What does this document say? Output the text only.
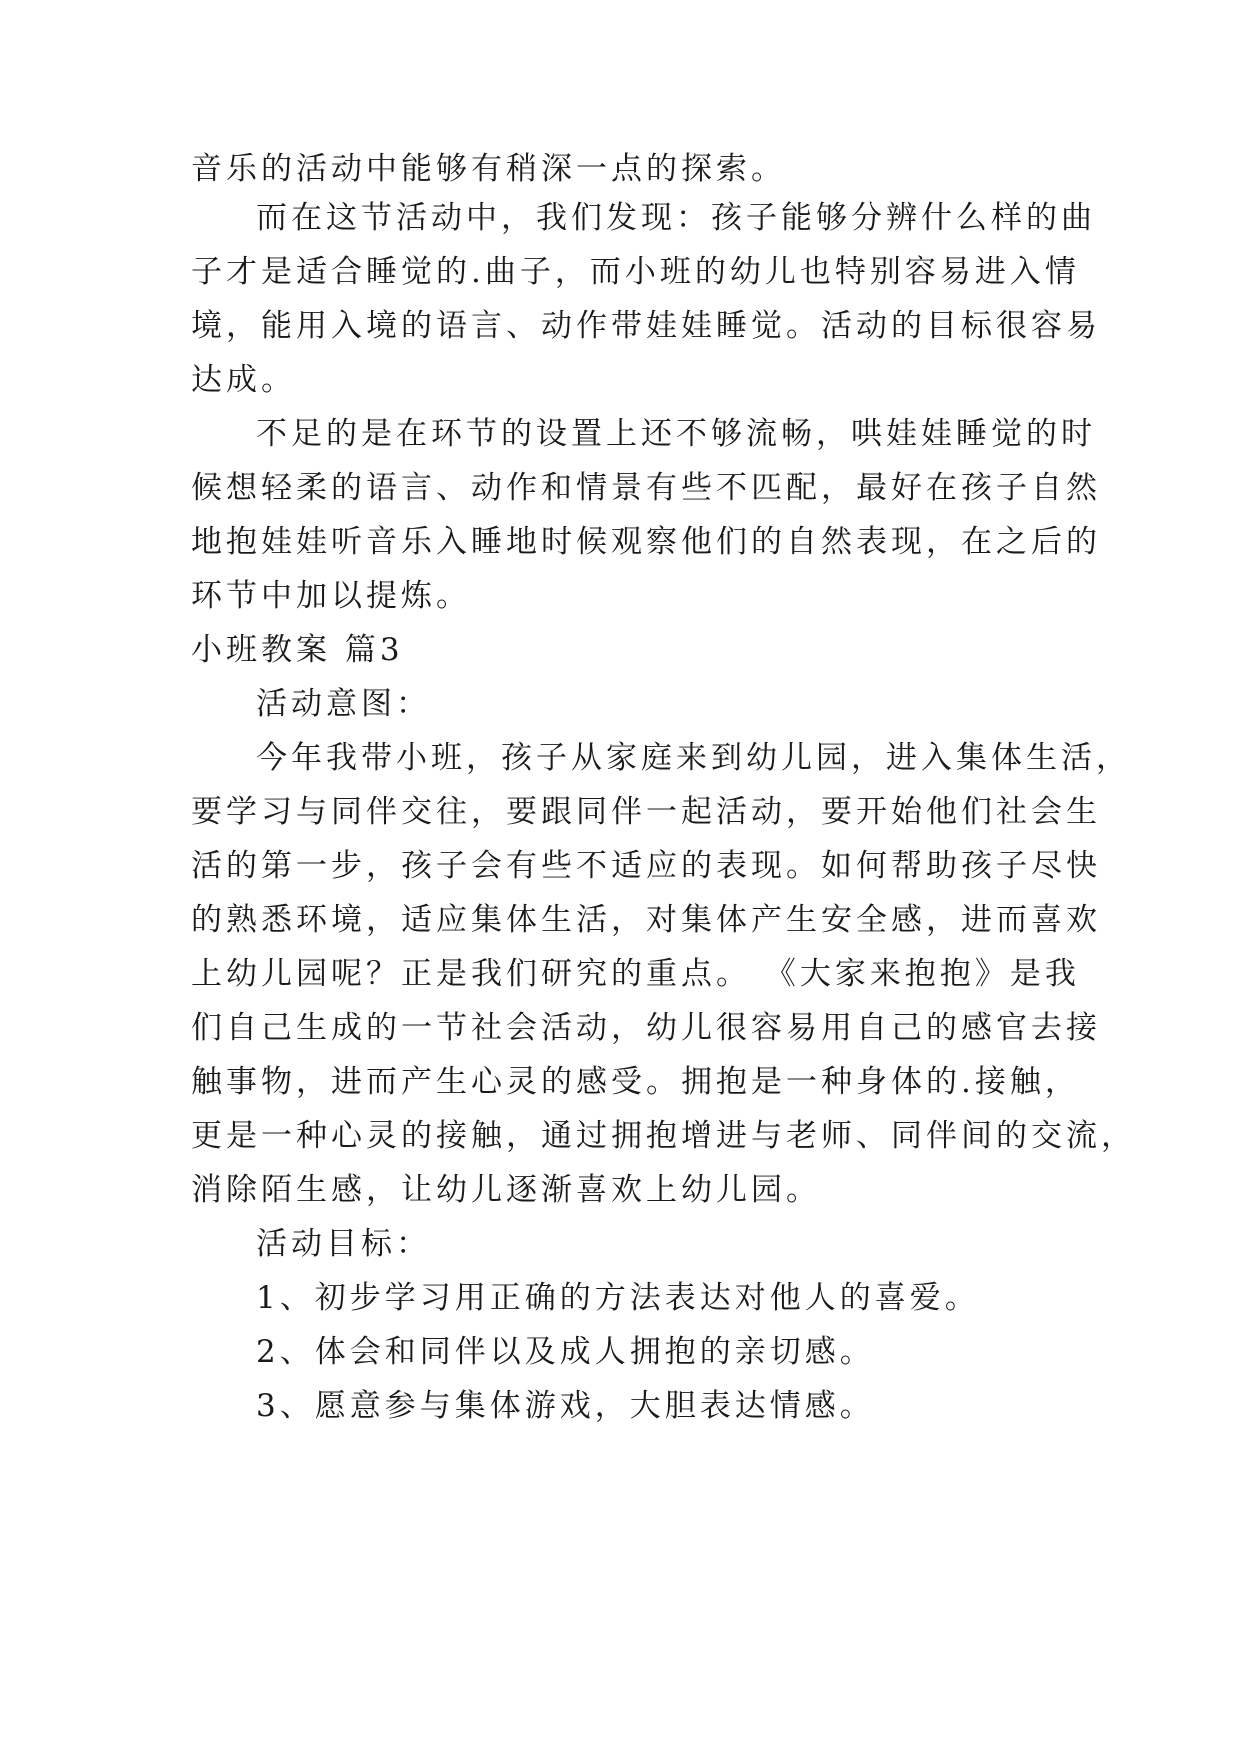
音乐的活动中能够有稍深一点的探索。
而在这节活动中，我们发现：孩子能够分辨什么样的曲
子才是适合睡觉的.曲子，而小班的幼儿也特别容易进入情
境，能用入境的语言、动作带娃娃睡觉。活动的目标很容易
达成。
不足的是在环节的设置上还不够流畅，哄娃娃睡觉的时
候想轻柔的语言、动作和情景有些不匹配，最好在孩子自然
地抱娃娃听音乐入睡地时候观察他们的自然表现，在之后的
环节中加以提炼。
小班教案 篇3
活动意图：
今年我带小班，孩子从家庭来到幼儿园，进入集体生活，
要学习与同伴交往，要跟同伴一起活动，要开始他们社会生
活的第一步，孩子会有些不适应的表现。如何帮助孩子尽快
的熟悉环境，适应集体生活，对集体产生安全感，进而喜欢
上幼儿园呢？正是我们研究的重点。 《大家来抱抱》是我
们自己生成的一节社会活动，幼儿很容易用自己的感官去接
触事物，进而产生心灵的感受。拥抱是一种身体的.接触，
更是一种心灵的接触，通过拥抱增进与老师、同伴间的交流，
消除陌生感，让幼儿逐渐喜欢上幼儿园。
活动目标：
1、初步学习用正确的方法表达对他人的喜爱。
2、体会和同伴以及成人拥抱的亲切感。
3、愿意参与集体游戏，大胆表达情感。
